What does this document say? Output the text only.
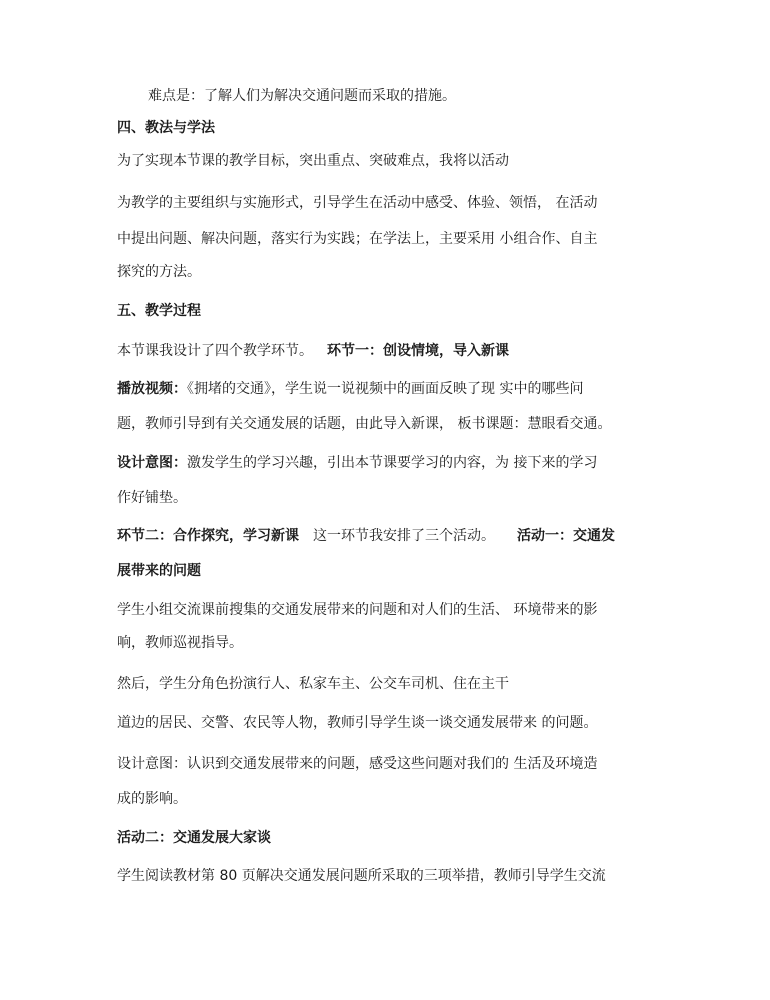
难点是：了解人们为解决交通问题而采取的措施。

四、教法与学法

为了实现本节课的教学目标，突出重点、突破难点，我将以活动

为教学的主要组织与实施形式，引导学生在活动中感受、体验、领悟， 在活动

中提出问题、解决问题，落实行为实践；在学法上，主要采用 小组合作、自主

探究的方法。

五、教学过程

本节课我设计了四个教学环节。 环节一：创设情境，导入新课

播放视频：《拥堵的交通》，学生说一说视频中的画面反映了现 实中的哪些问

题，教师引导到有关交通发展的话题，由此导入新课， 板书课题：慧眼看交通。

设计意图：激发学生的学习兴趣，引出本节课要学习的内容，为 接下来的学习

作好铺垫。

环节二：合作探究，学习新课 这一环节我安排了三个活动。 活动一：交通发

展带来的问题

学生小组交流课前搜集的交通发展带来的问题和对人们的生活、 环境带来的影

响，教师巡视指导。

然后，学生分角色扮演行人、私家车主、公交车司机、住在主干

道边的居民、交警、农民等人物，教师引导学生谈一谈交通发展带来 的问题。

设计意图：认识到交通发展带来的问题，感受这些问题对我们的 生活及环境造

成的影响。

活动二：交通发展大家谈

学生阅读教材第 80 页解决交通发展问题所采取的三项举措，教师引导学生交流
